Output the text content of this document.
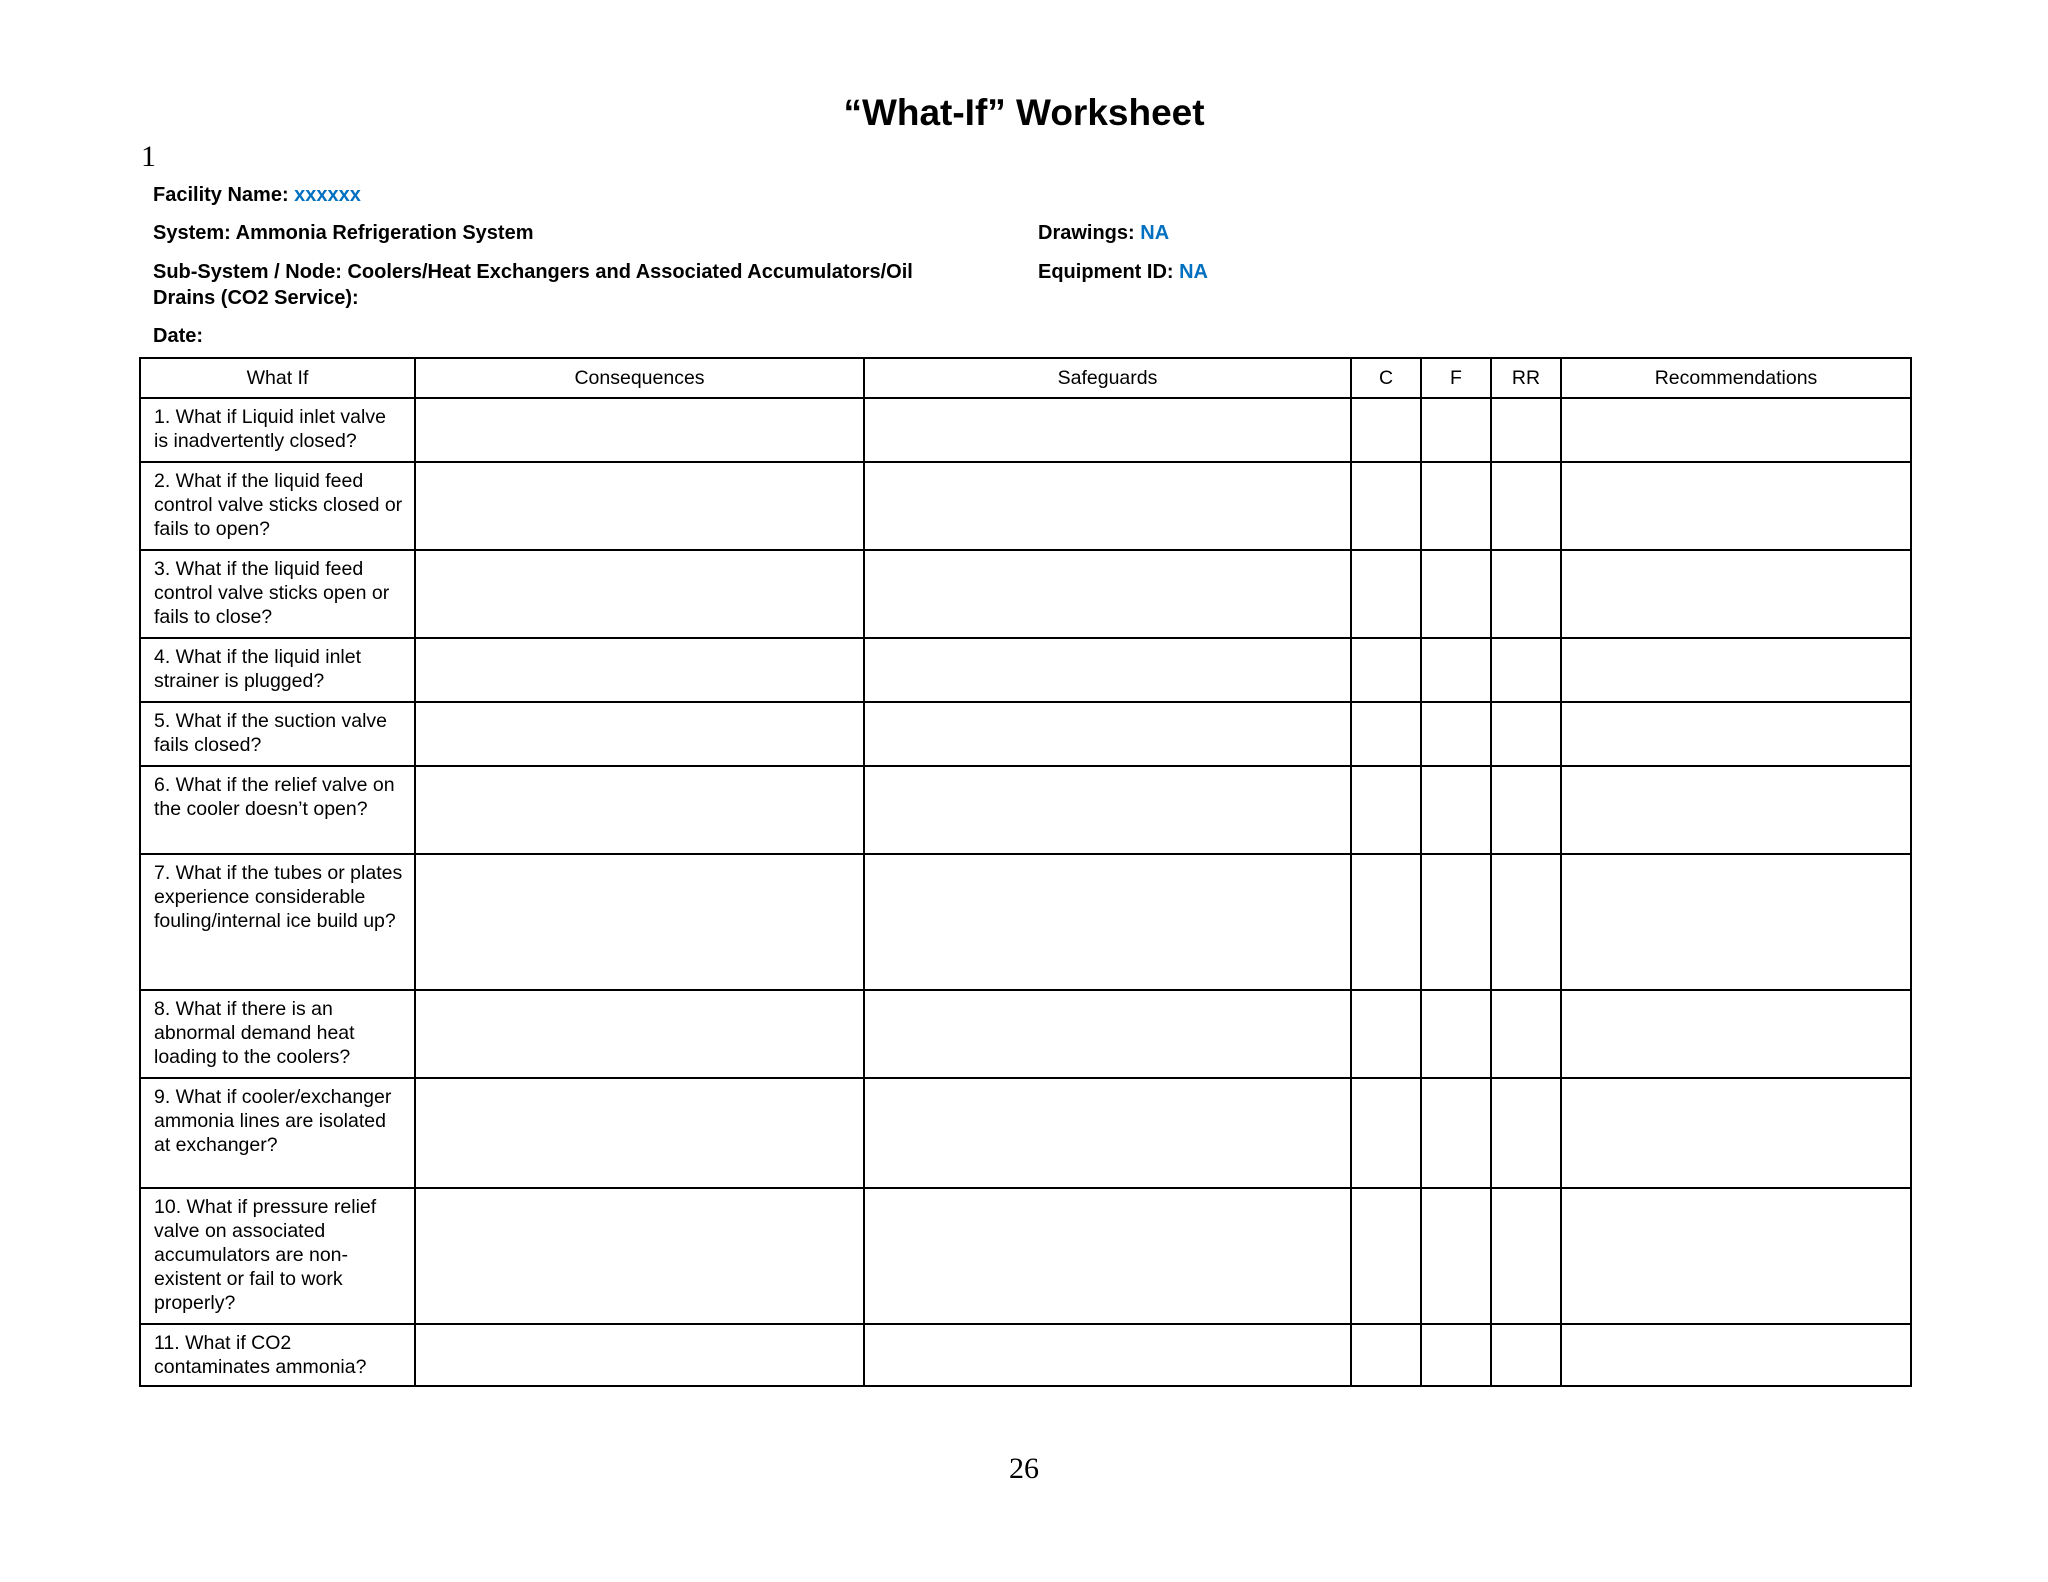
“What-If” Worksheet
1
Facility Name: xxxxxx
System: Ammonia Refrigeration System
Sub-System / Node: Coolers/Heat Exchangers and Associated Accumulators/Oil Drains (CO2 Service):
Date:
Drawings: NA
Equipment ID: NA
What If	Consequences	Safeguards	C	F	RR	Recommendations
1. What if Liquid inlet valve is inadvertently closed?						
2. What if the liquid feed control valve sticks closed or fails to open?						
3. What if the liquid feed control valve sticks open or fails to close?						
4. What if the liquid inlet strainer is plugged?						
5. What if the suction valve fails closed?						
6. What if the relief valve on the cooler doesn’t open?						
7. What if the tubes or plates experience considerable fouling/internal ice build up?						
8. What if there is an abnormal demand heat loading to the coolers?						
9. What if cooler/exchanger ammonia lines are isolated at exchanger?						
10. What if pressure relief valve on associated accumulators are non-existent or fail to work properly?						
11. What if CO2 contaminates ammonia?						
26
